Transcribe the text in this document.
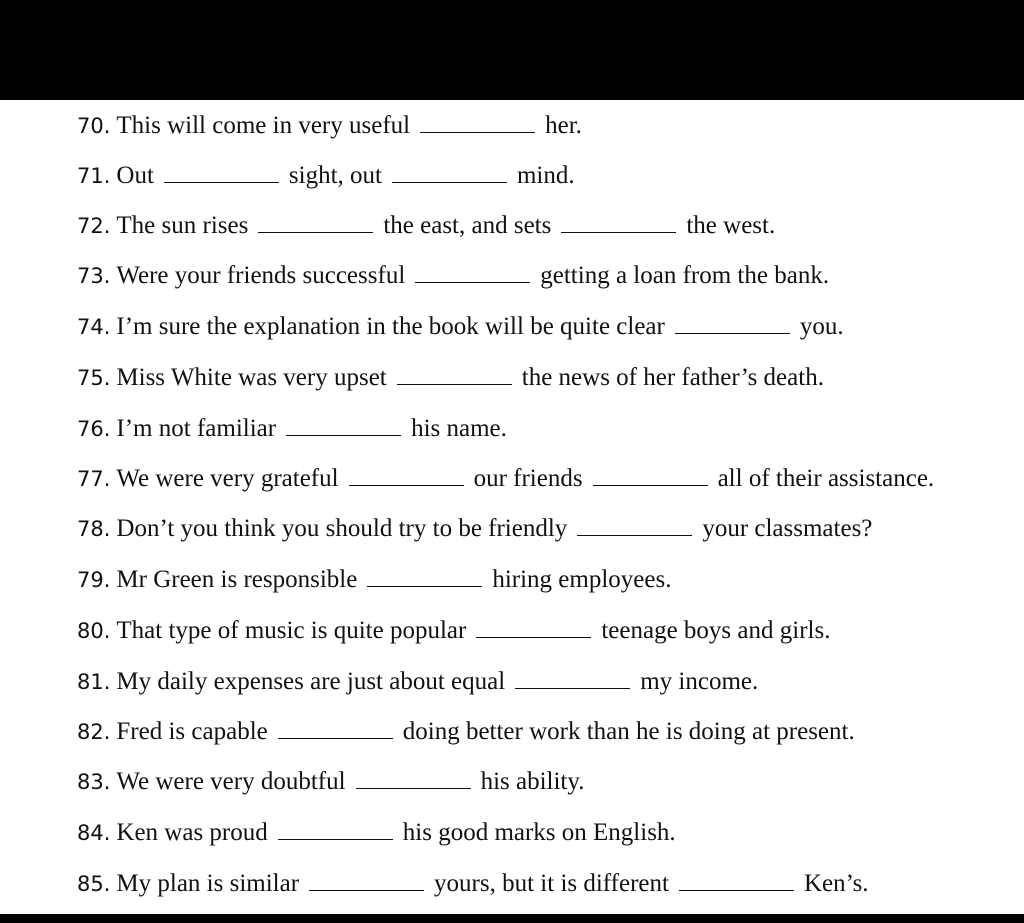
70. This will come in very useful	her.
71. Out	sight, out	mind.
72. The sun rises	the east, and sets	the west.
73. Were your friends successful	getting a loan from the bank.
74. I’m sure the explanation in the book will be quite clear	you.
75. Miss White was very upset	the news of her father’s death.
76. I’m not familiar	his name.
77. We were very grateful	our friends	all of their assistance.
78. Don’t you think you should try to be friendly	your classmates?
79. Mr Green is responsible	hiring employees.
80. That type of music is quite popular	teenage boys and girls.
81. My daily expenses are just about equal	my income.
82. Fred is capable	doing better work than he is doing at present.
83. We were very doubtful	his ability.
84. Ken was proud	his good marks on English.
85. My plan is similar	yours, but it is different	Ken’s.
